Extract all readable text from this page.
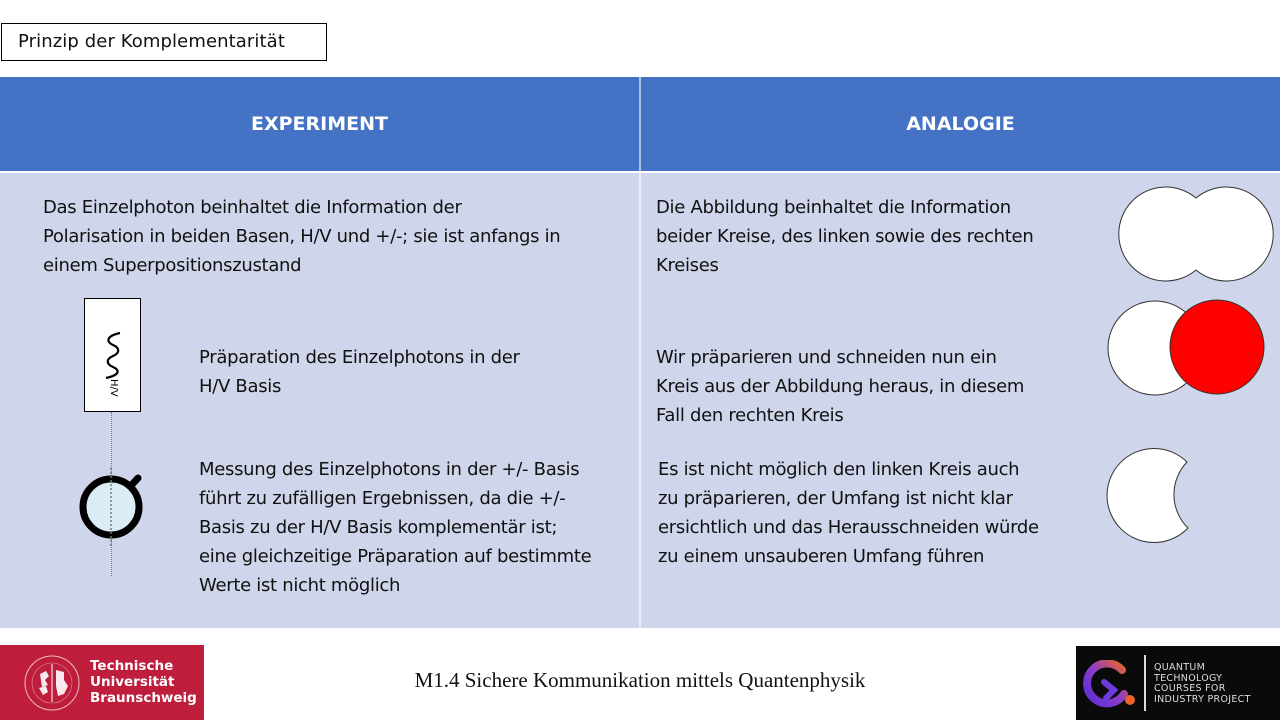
Prinzip der Komplementarität
EXPERIMENT	ANALOGIE
Das Einzelphoton beinhaltet die Information der
Polarisation in beiden Basen, H/V und +/-; sie ist anfangs in
einem Superpositionszustand
Präparation des Einzelphotons in der
H/V Basis
Messung des Einzelphotons in der +/- Basis
führt zu zufälligen Ergebnissen, da die +/-
Basis zu der H/V Basis komplementär ist;
eine gleichzeitige Präparation auf bestimmte
Werte ist nicht möglich
H/V
Die Abbildung beinhaltet die Information
beider Kreise, des linken sowie des rechten
Kreises
Wir präparieren und schneiden nun ein
Kreis aus der Abbildung heraus, in diesem
Fall den rechten Kreis
Es ist nicht möglich den linken Kreis auch
zu präparieren, der Umfang ist nicht klar
ersichtlich und das Herausschneiden würde
zu einem unsauberen Umfang führen
Technische
Universität
Braunschweig
M1.4 Sichere Kommunikation mittels Quantenphysik
QUANTUM
TECHNOLOGY
COURSES FOR
INDUSTRY PROJECT
